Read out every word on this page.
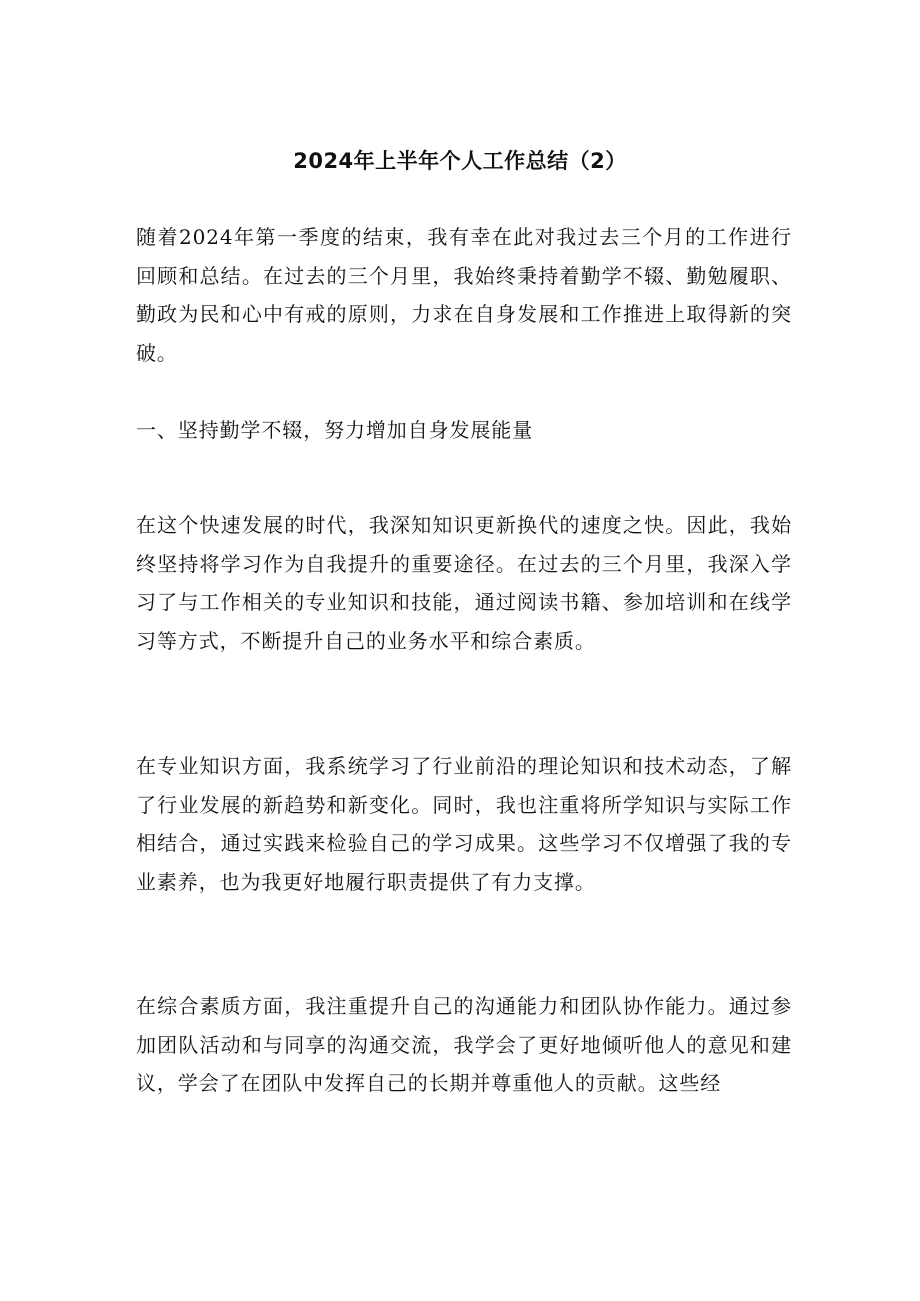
2024年上半年个人工作总结（2）

随着2024年第一季度的结束，我有幸在此对我过去三个月的工作进行回顾和总结。在过去的三个月里，我始终秉持着勤学不辍、勤勉履职、勤政为民和心中有戒的原则，力求在自身发展和工作推进上取得新的突破。

一、坚持勤学不辍，努力增加自身发展能量

在这个快速发展的时代，我深知知识更新换代的速度之快。因此，我始终坚持将学习作为自我提升的重要途径。在过去的三个月里，我深入学习了与工作相关的专业知识和技能，通过阅读书籍、参加培训和在线学习等方式，不断提升自己的业务水平和综合素质。

在专业知识方面，我系统学习了行业前沿的理论知识和技术动态，了解了行业发展的新趋势和新变化。同时，我也注重将所学知识与实际工作相结合，通过实践来检验自己的学习成果。这些学习不仅增强了我的专业素养，也为我更好地履行职责提供了有力支撑。

在综合素质方面，我注重提升自己的沟通能力和团队协作能力。通过参加团队活动和与同享的沟通交流，我学会了更好地倾听他人的意见和建议，学会了在团队中发挥自己的长期并尊重他人的贡献。这些经
